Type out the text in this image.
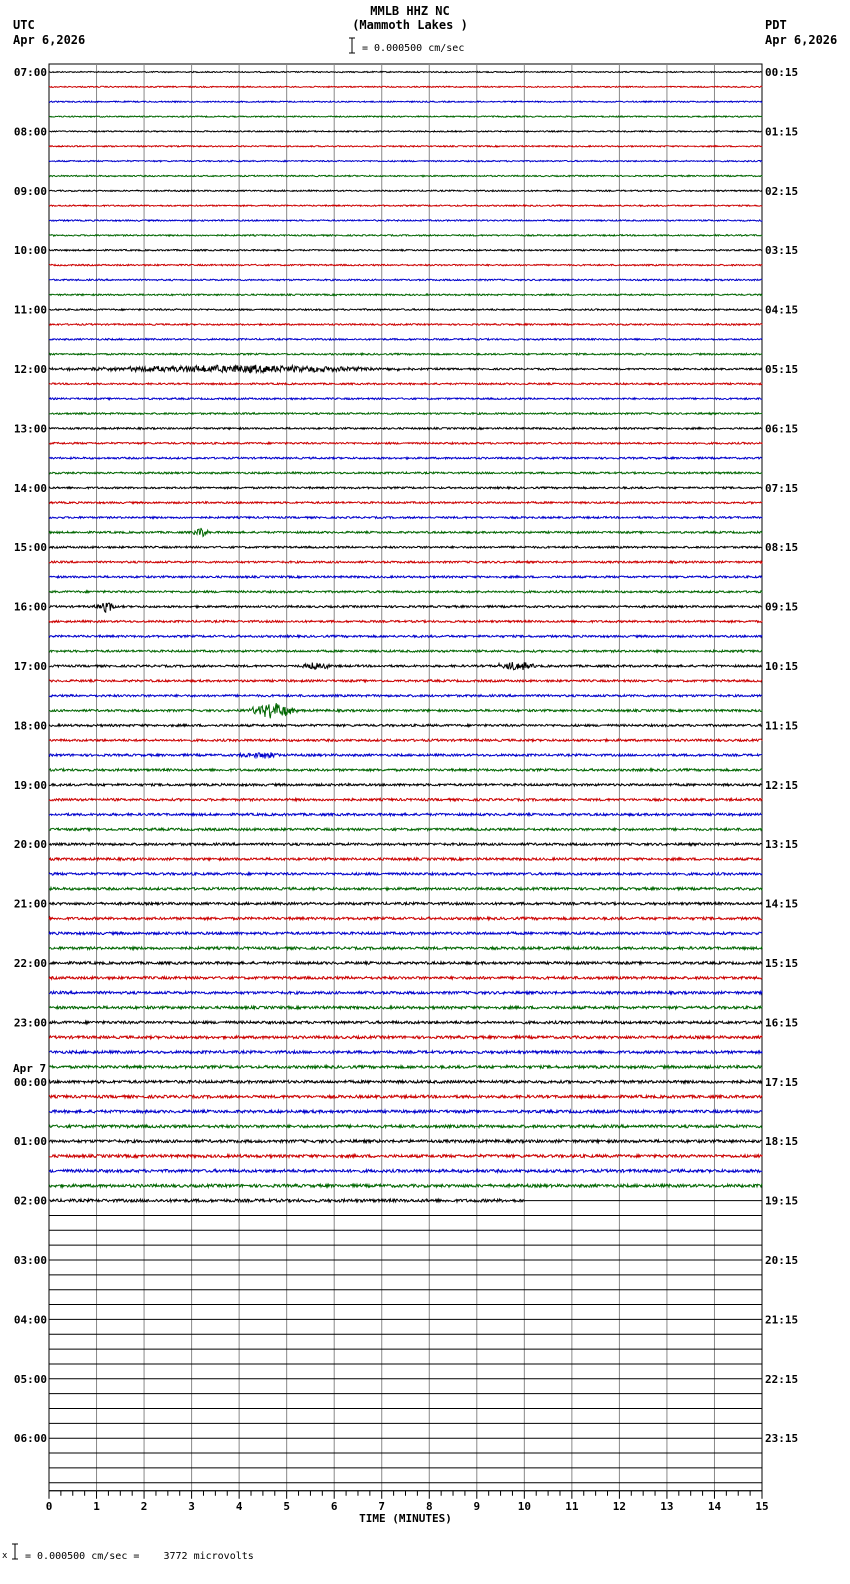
07:00
08:00
09:00
10:00
11:00
12:00
13:00
14:00
15:00
16:00
17:00
18:00
19:00
20:00
21:00
22:00
23:00
00:00
01:00
02:00
03:00
04:00
05:00
06:00
00:15
01:15
02:15
03:15
04:15
05:15
06:15
07:15
08:15
09:15
10:15
11:15
12:15
13:15
14:15
15:15
16:15
17:15
18:15
19:15
20:15
21:15
22:15
23:15
Apr 7
0	1	2	3	4	5	6	7	8	9	10	11	12	13	14	15
TIME (MINUTES)
MMLB HHZ NC
(Mammoth Lakes )
UTC
Apr 6,2026
PDT
Apr 6,2026
= 0.000500 cm/sec
x = 0.000500 cm/sec =    3772 microvolts
